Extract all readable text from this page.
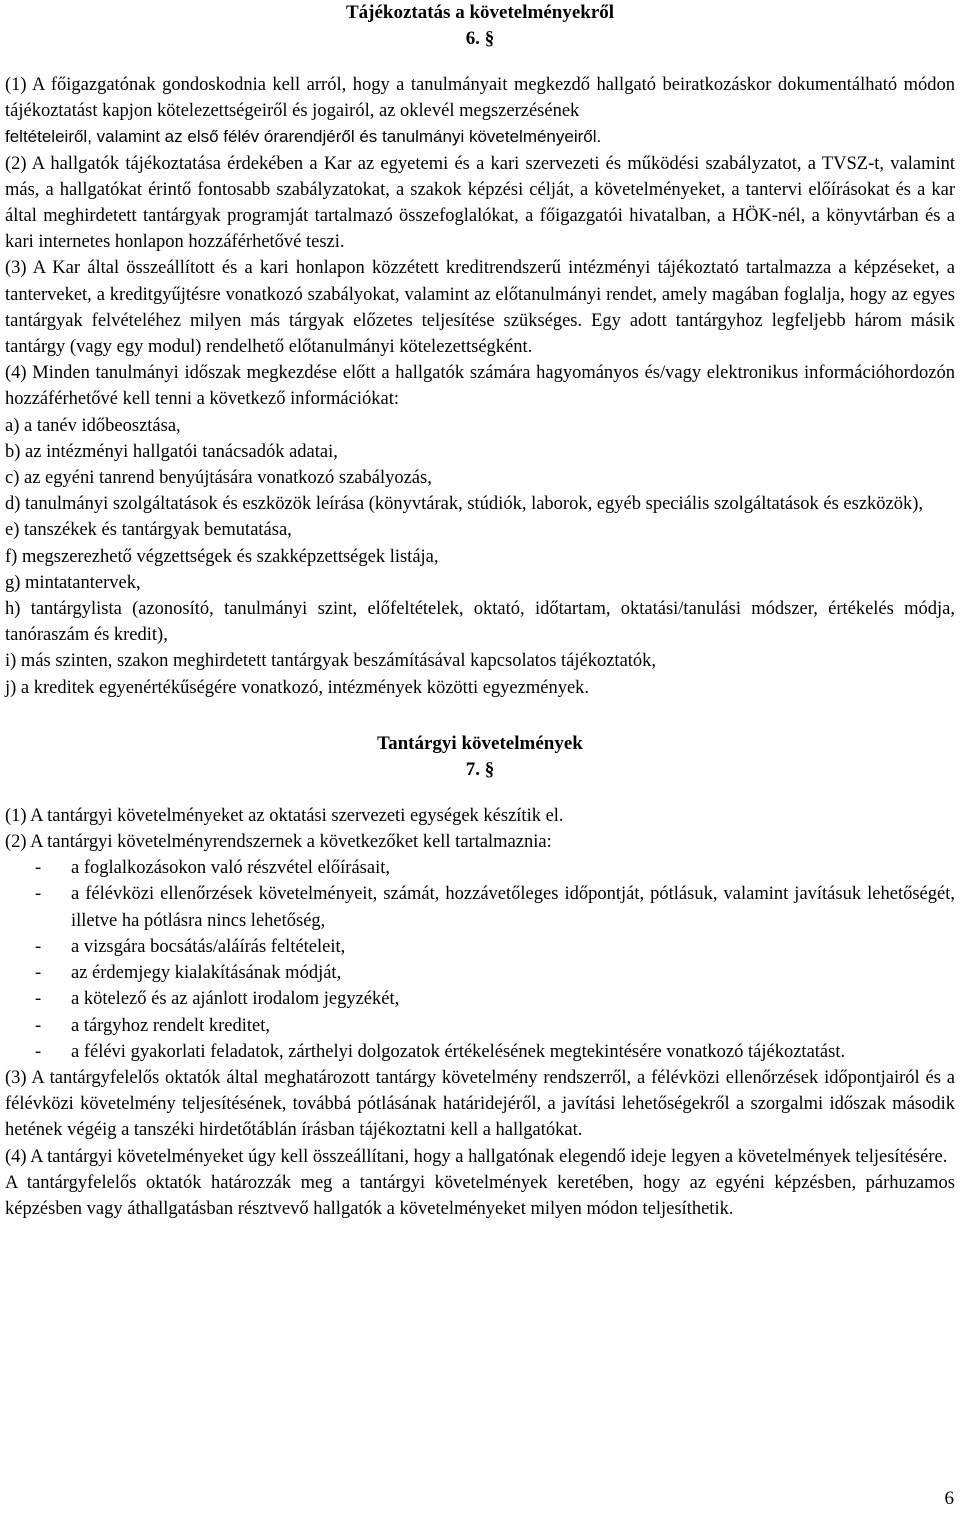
Tájékoztatás a követelményekről
6. §

(1) A főigazgatónak gondoskodnia kell arról, hogy a tanulmányait megkezdő hallgató beiratkozáskor dokumentálható módon tájékoztatást kapjon kötelezettségeiről és jogairól, az oklevél megszerzésének

feltételeiről, valamint az első félév órarendjéről és tanulmányi követelményeiről.

(2) A hallgatók tájékoztatása érdekében a Kar az egyetemi és a kari szervezeti és működési szabályzatot, a TVSZ-t, valamint más, a hallgatókat érintő fontosabb szabályzatokat, a szakok képzési célját, a követelményeket, a tantervi előírásokat és a kar által meghirdetett tantárgyak programját tartalmazó összefoglalókat, a főigazgatói hivatalban, a HÖK-nél, a könyvtárban és a kari internetes honlapon hozzáférhetővé teszi.

(3) A Kar által összeállított és a kari honlapon közzétett kreditrendszerű intézményi tájékoztató tartalmazza a képzéseket, a tanterveket, a kreditgyűjtésre vonatkozó szabályokat, valamint az előtanulmányi rendet, amely magában foglalja, hogy az egyes tantárgyak felvételéhez milyen más tárgyak előzetes teljesítése szükséges. Egy adott tantárgyhoz legfeljebb három másik tantárgy (vagy egy modul) rendelhető előtanulmányi kötelezettségként.

(4) Minden tanulmányi időszak megkezdése előtt a hallgatók számára hagyományos és/vagy elektronikus információhordozón hozzáférhetővé kell tenni a következő információkat:

a) a tanév időbeosztása,

b) az intézményi hallgatói tanácsadók adatai,

c) az egyéni tanrend benyújtására vonatkozó szabályozás,

d) tanulmányi szolgáltatások és eszközök leírása (könyvtárak, stúdiók, laborok, egyéb speciális szolgáltatások és eszközök),

e) tanszékek és tantárgyak bemutatása,

f) megszerezhető végzettségek és szakképzettségek listája,

g) mintatantervek,

h) tantárgylista (azonosító, tanulmányi szint, előfeltételek, oktató, időtartam, oktatási/tanulási módszer, értékelés módja, tanóraszám és kredit),

i) más szinten, szakon meghirdetett tantárgyak beszámításával kapcsolatos tájékoztatók,

j) a kreditek egyenértékűségére vonatkozó, intézmények közötti egyezmények.

Tantárgyi követelmények
7. §

(1) A tantárgyi követelményeket az oktatási szervezeti egységek készítik el.

(2) A tantárgyi követelményrendszernek a következőket kell tartalmaznia:

-	a foglalkozásokon való részvétel előírásait,
-	a félévközi ellenőrzések követelményeit, számát, hozzávetőleges időpontját, pótlásuk, valamint javításuk lehetőségét, illetve ha pótlásra nincs lehetőség,
-	a vizsgára bocsátás/aláírás feltételeit,
-	az érdemjegy kialakításának módját,
-	a kötelező és az ajánlott irodalom jegyzékét,
-	a tárgyhoz rendelt kreditet,
-	a félévi gyakorlati feladatok, zárthelyi dolgozatok értékelésének megtekintésére vonatkozó tájékoztatást.

(3) A tantárgyfelelős oktatók által meghatározott tantárgy követelmény rendszerről, a félévközi ellenőrzések időpontjairól és a félévközi követelmény teljesítésének, továbbá pótlásának határidejéről, a javítási lehetőségekről a szorgalmi időszak második hetének végéig a tanszéki hirdetőtáblán írásban tájékoztatni kell a hallgatókat.

(4) A tantárgyi követelményeket úgy kell összeállítani, hogy a hallgatónak elegendő ideje legyen a követelmények teljesítésére.

A tantárgyfelelős oktatók határozzák meg a tantárgyi követelmények keretében, hogy az egyéni képzésben, párhuzamos képzésben vagy áthallgatásban résztvevő hallgatók a követelményeket milyen módon teljesíthetik.

6
